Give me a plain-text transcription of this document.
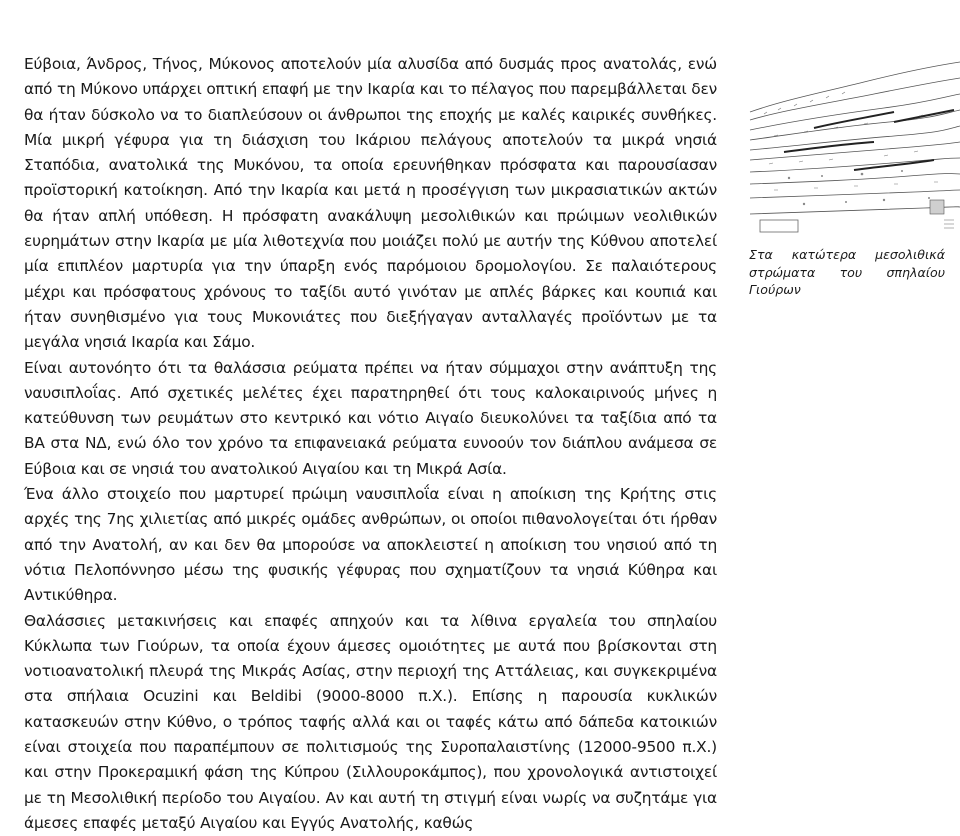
Εύβοια, Άνδρος, Τήνος, Μύκονος αποτελούν μία αλυσίδα από δυσμάς προς ανατολάς, ενώ από τη Μύκονο υπάρχει οπτική επαφή με την Ικαρία και το πέλαγος που παρεμβάλλεται δεν θα ήταν δύσκολο να το διαπλεύσουν οι άνθρωποι της εποχής με καλές καιρικές συνθήκες. Μία μικρή γέφυρα για τη διάσχιση του Ικάριου πελάγους αποτελούν τα μικρά νησιά Σταπόδια, ανατολικά της Μυκόνου, τα οποία ερευνήθηκαν πρόσφατα και παρουσίασαν προϊστορική κατοίκηση. Από την Ικαρία και μετά η προσέγγιση των μικρασιατικών ακτών θα ήταν απλή υπόθεση. Η πρόσφατη ανακάλυψη μεσολιθικών και πρώιμων νεολιθικών ευρημάτων στην Ικαρία με μία λιθοτεχνία που μοιάζει πολύ με αυτήν της Κύθνου αποτελεί μία επιπλέον μαρτυρία για την ύπαρξη ενός παρόμοιου δρομολογίου. Σε παλαιότερους μέχρι και πρόσφατους χρόνους το ταξίδι αυτό γινόταν με απλές βάρκες και κουπιά και ήταν συνηθισμένο για τους Μυκονιάτες που διεξήγαγαν ανταλλαγές προϊόντων με τα μεγάλα νησιά Ικαρία και Σάμο.

Είναι αυτονόητο ότι τα θαλάσσια ρεύματα πρέπει να ήταν σύμμαχοι στην ανάπτυξη της ναυσιπλοΐας. Από σχετικές μελέτες έχει παρατηρηθεί ότι τους καλοκαιρινούς μήνες η κατεύθυνση των ρευμάτων στο κεντρικό και νότιο Αιγαίο διευκολύνει τα ταξίδια από τα ΒΑ στα ΝΔ, ενώ όλο τον χρόνο τα επιφανειακά ρεύματα ευνοούν τον διάπλου ανάμεσα σε Εύβοια και σε νησιά του ανατολικού Αιγαίου και τη Μικρά Ασία.

Ένα άλλο στοιχείο που μαρτυρεί πρώιμη ναυσιπλοΐα είναι η αποίκιση της Κρήτης στις αρχές της 7ης χιλιετίας από μικρές ομάδες ανθρώπων, οι οποίοι πιθανολογείται ότι ήρθαν από την Ανατολή, αν και δεν θα μπορούσε να αποκλειστεί η αποίκιση του νησιού από τη νότια Πελοπόννησο μέσω της φυσικής γέφυρας που σχηματίζουν τα νησιά Κύθηρα και Αντικύθηρα.

Θαλάσσιες μετακινήσεις και επαφές απηχούν και τα λίθινα εργαλεία του σπηλαίου Κύκλωπα των Γιούρων, τα οποία έχουν άμεσες ομοιότητες με αυτά που βρίσκονται στη νοτιοανατολική πλευρά της Μικράς Ασίας, στην περιοχή της Αττάλειας, και συγκεκριμένα στα σπήλαια Ocuzini και Beldibi (9000-8000 π.Χ.). Επίσης η παρουσία κυκλικών κατασκευών στην Κύθνο, ο τρόπος ταφής αλλά και οι ταφές κάτω από δάπεδα κατοικιών είναι στοιχεία που παραπέμπουν σε πολιτισμούς της Συροπαλαιστίνης (12000-9500 π.Χ.) και στην Προκεραμική φάση της Κύπρου (Σιλλουροκάμπος), που χρονολογικά αντιστοιχεί με τη Μεσολιθική περίοδο του Αιγαίου. Αν και αυτή τη στιγμή είναι νωρίς να συζητάμε για άμεσες επαφές μεταξύ Αιγαίου και Εγγύς Ανατολής, καθώς

Στα κατώτερα μεσολιθικά στρώματα του σπηλαίου Γιούρων
